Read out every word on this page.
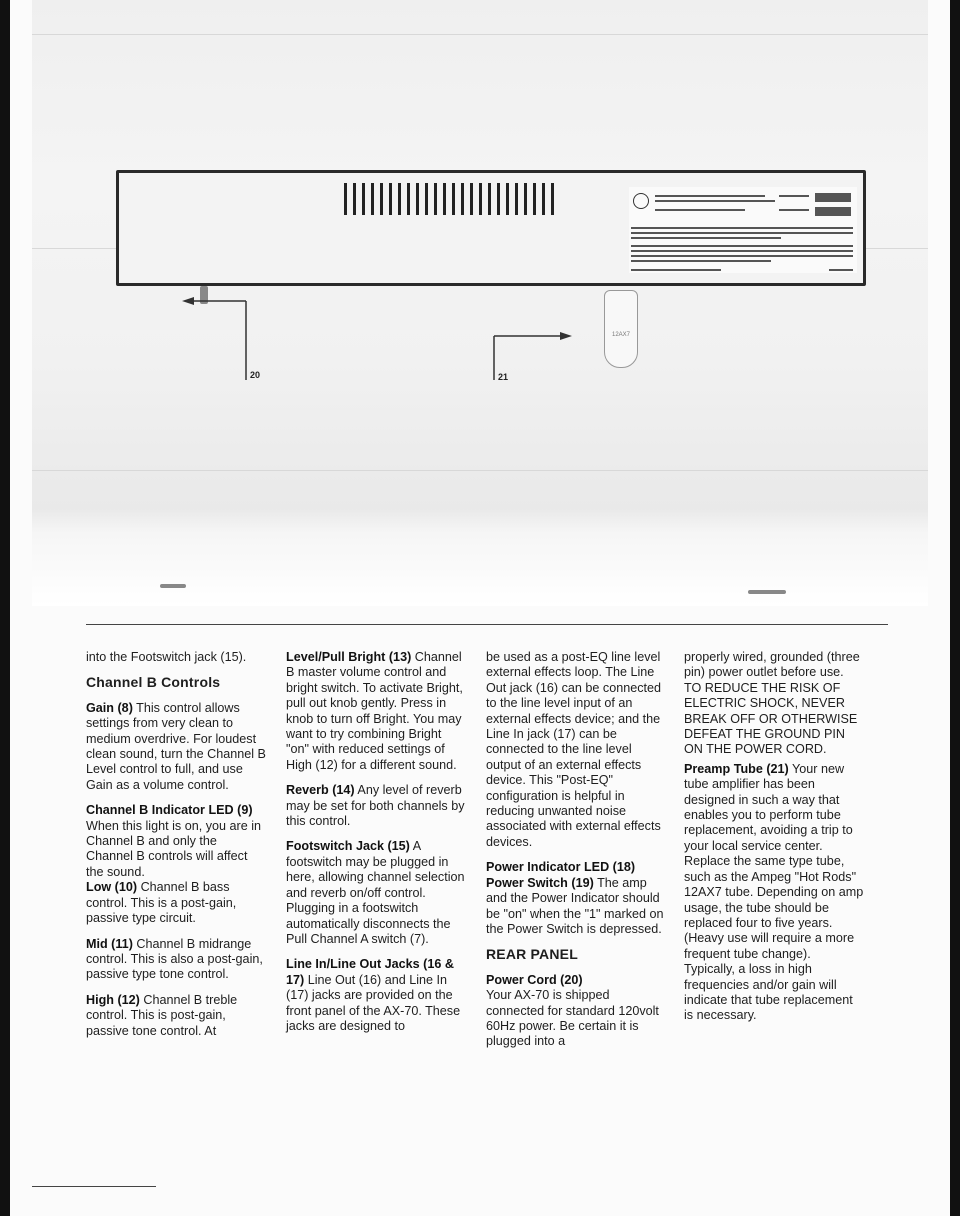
20	21
12AX7

into the Footswitch jack (15).

Channel B Controls

Gain (8) This control allows settings from very clean to medium overdrive. For loudest clean sound, turn the Channel B Level control to full, and use Gain as a volume control.

Channel B Indicator LED (9) When this light is on, you are in Channel B and only the Channel B controls will affect the sound.

Low (10) Channel B bass control. This is a post-gain, passive type circuit.

Mid (11) Channel B midrange control. This is also a post-gain, passive type tone control.

High (12) Channel B treble control. This is post-gain, passive tone control. At

Level/Pull Bright (13) Channel B master volume control and bright switch. To activate Bright, pull out knob gently. Press in knob to turn off Bright. You may want to try combining Bright "on" with reduced settings of High (12) for a different sound.

Reverb (14) Any level of reverb may be set for both channels by this control.

Footswitch Jack (15) A footswitch may be plugged in here, allowing channel selection and reverb on/off control. Plugging in a footswitch automatically disconnects the Pull Channel A switch (7).

Line In/Line Out Jacks (16 & 17) Line Out (16) and Line In (17) jacks are provided on the front panel of the AX-70. These jacks are designed to

be used as a post-EQ line level external effects loop. The Line Out jack (16) can be connected to the line level input of an external effects device; and the Line In jack (17) can be connected to the line level output of an external effects device. This "Post-EQ" configuration is helpful in reducing unwanted noise associated with external effects devices.

Power Indicator LED (18)
Power Switch (19) The amp and the Power Indicator should be "on" when the "1" marked on the Power Switch is depressed.

REAR PANEL

Power Cord (20)
Your AX-70 is shipped connected for standard 120volt 60Hz power. Be certain it is plugged into a

properly wired, grounded (three pin) power outlet before use. TO REDUCE THE RISK OF ELECTRIC SHOCK, NEVER BREAK OFF OR OTHERWISE DEFEAT THE GROUND PIN ON THE POWER CORD.

Preamp Tube (21) Your new tube amplifier has been designed in such a way that enables you to perform tube replacement, avoiding a trip to your local service center. Replace the same type tube, such as the Ampeg "Hot Rods" 12AX7 tube. Depending on amp usage, the tube should be replaced four to five years. (Heavy use will require a more frequent tube change). Typically, a loss in high frequencies and/or gain will indicate that tube replacement is necessary.
